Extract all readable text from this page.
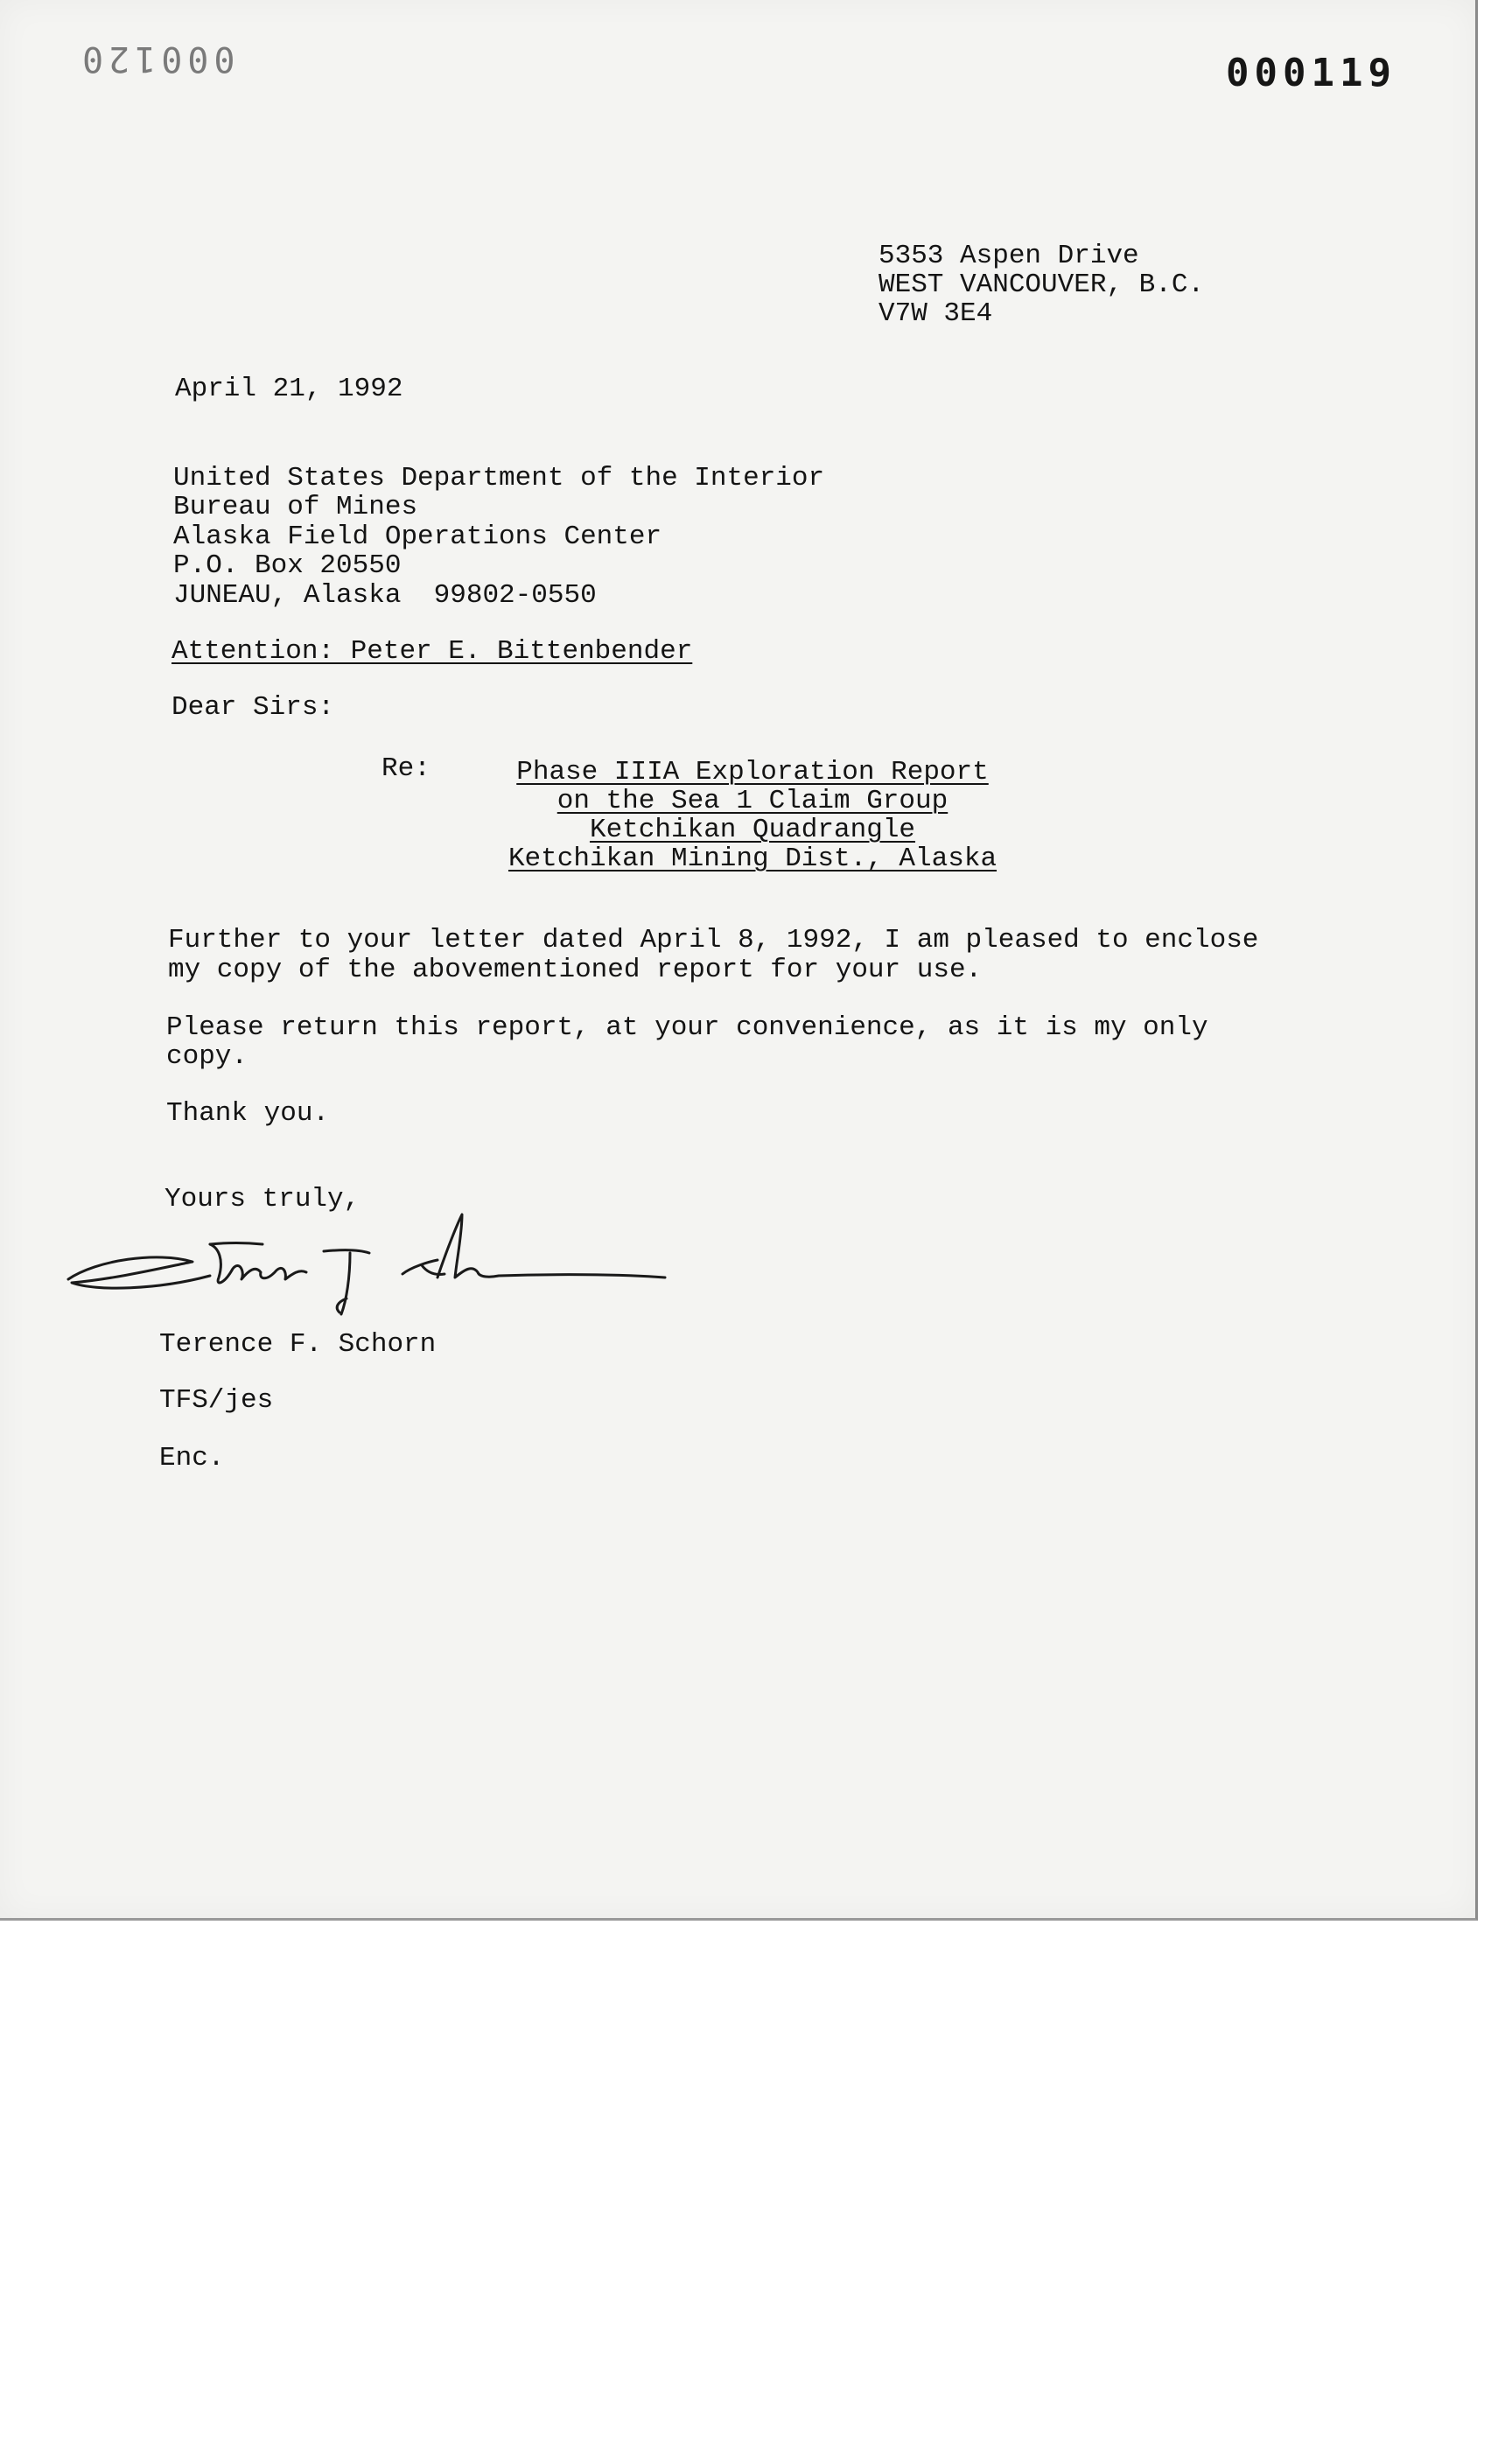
000120	000119
5353 Aspen Drive
WEST VANCOUVER, B.C.
V7W 3E4
April 21, 1992
United States Department of the Interior
Bureau of Mines
Alaska Field Operations Center
P.O. Box 20550
JUNEAU, Alaska  99802-0550
Attention: Peter E. Bittenbender
Dear Sirs:
Re:	Phase IIIA Exploration Report
on the Sea 1 Claim Group
Ketchikan Quadrangle
Ketchikan Mining Dist., Alaska
Further to your letter dated April 8, 1992, I am pleased to enclose
my copy of the abovementioned report for your use.
Please return this report, at your convenience, as it is my only
copy.
Thank you.
Yours truly,
Terence F. Schorn
TFS/jes
Enc.
